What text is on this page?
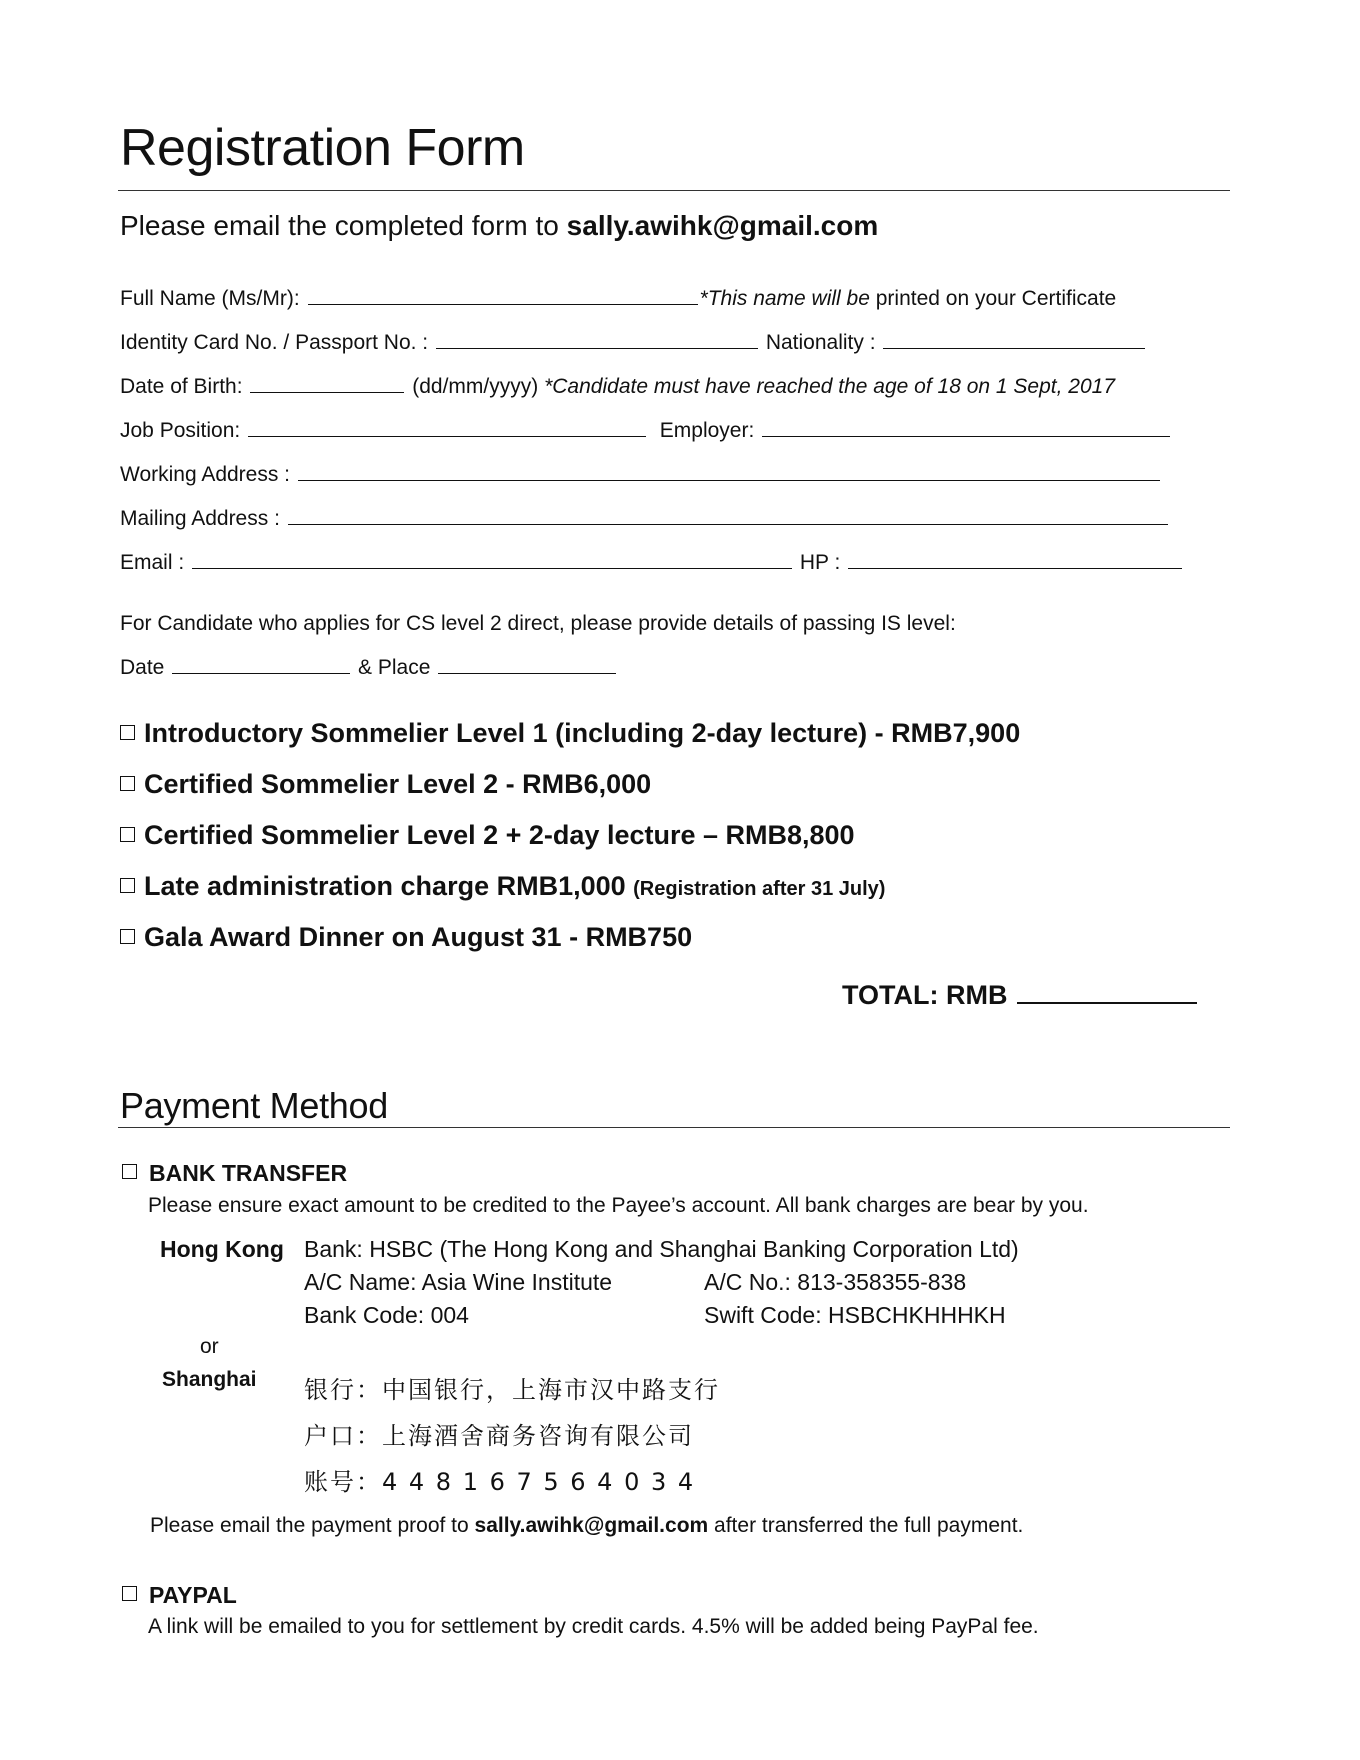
Registration Form
Please email the completed form to sally.awihk@gmail.com
Full Name (Ms/Mr):	*This name will be printed on your Certificate
Identity Card No. / Passport No. :	Nationality :
Date of Birth:	(dd/mm/yyyy) *Candidate must have reached the age of 18 on 1 Sept, 2017
Job Position:	Employer:
Working Address :
Mailing Address :
Email :	HP :
For Candidate who applies for CS level 2 direct, please provide details of passing IS level:
Date	& Place
Introductory Sommelier Level 1 (including 2-day lecture) - RMB7,900
Certified Sommelier Level 2 - RMB6,000
Certified Sommelier Level 2 + 2-day lecture – RMB8,800
Late administration charge RMB1,000 (Registration after 31 July)
Gala Award Dinner on August 31 - RMB750
TOTAL: RMB
Payment Method
BANK TRANSFER
Please ensure exact amount to be credited to the Payee’s account. All bank charges are bear by you.
Hong Kong Bank: HSBC (The Hong Kong and Shanghai Banking Corporation Ltd)
A/C Name: Asia Wine Institute	A/C No.: 813-358355-838
Bank Code: 004	Swift Code: HSBCHKHHHKH
or
Shanghai 银行：中国银行，上海市汉中路支行
户口：上海酒舍商务咨询有限公司
账号：4 4 8 1 6 7 5 6 4 0 3 4
Please email the payment proof to sally.awihk@gmail.com after transferred the full payment.
PAYPAL
A link will be emailed to you for settlement by credit cards. 4.5% will be added being PayPal fee.
